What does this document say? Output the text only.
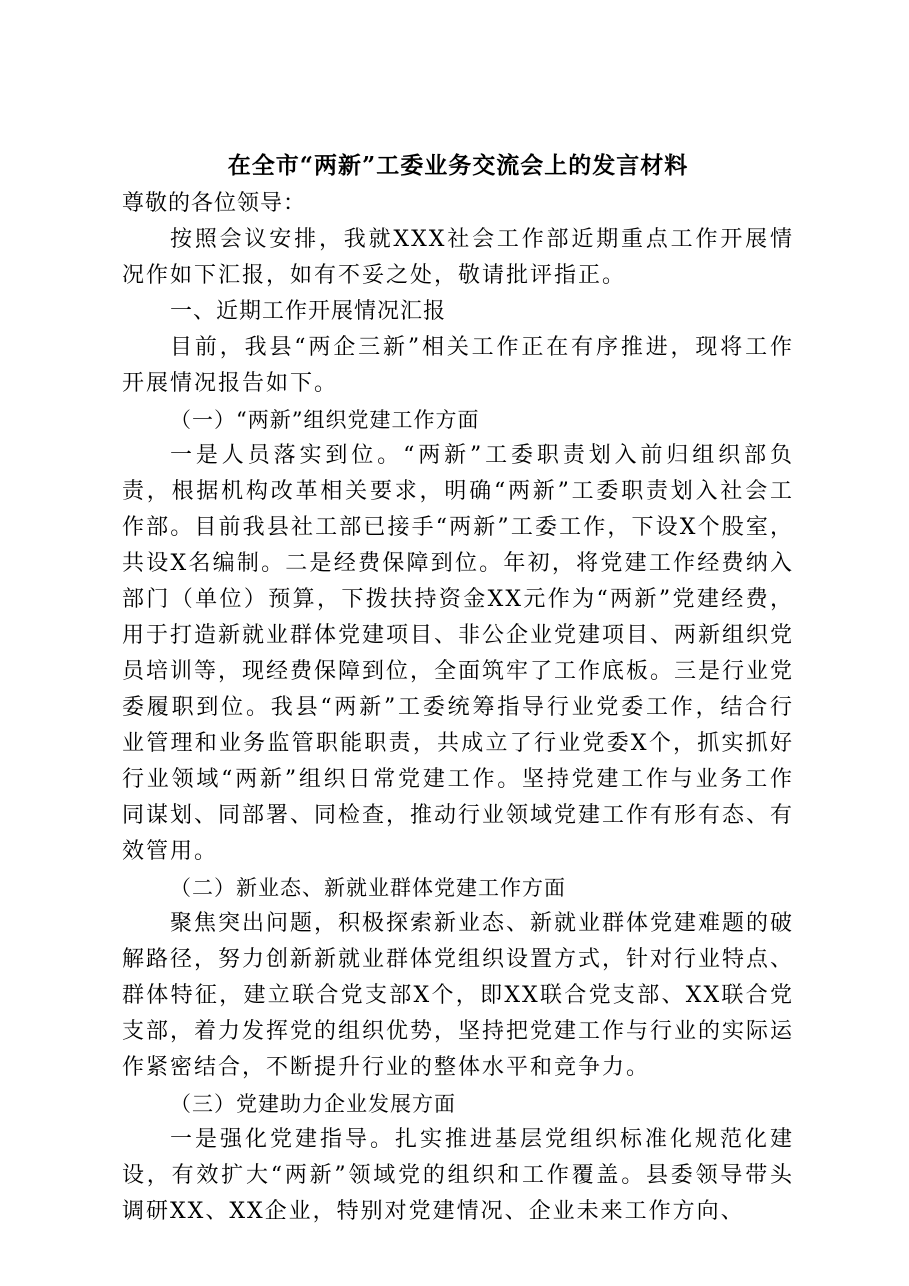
在全市“两新”工委业务交流会上的发言材料

尊敬的各位领导：

按照会议安排，我就XXX社会工作部近期重点工作开展情况作如下汇报，如有不妥之处，敬请批评指正。

一、近期工作开展情况汇报

目前，我县“两企三新”相关工作正在有序推进，现将工作开展情况报告如下。

（一）“两新”组织党建工作方面

一是人员落实到位。“两新”工委职责划入前归组织部负责，根据机构改革相关要求，明确“两新”工委职责划入社会工作部。目前我县社工部已接手“两新”工委工作，下设X个股室，共设X名编制。二是经费保障到位。年初，将党建工作经费纳入部门（单位）预算，下拨扶持资金XX元作为“两新”党建经费，用于打造新就业群体党建项目、非公企业党建项目、两新组织党员培训等，现经费保障到位，全面筑牢了工作底板。三是行业党委履职到位。我县“两新”工委统筹指导行业党委工作，结合行业管理和业务监管职能职责，共成立了行业党委X个，抓实抓好行业领域“两新”组织日常党建工作。坚持党建工作与业务工作同谋划、同部署、同检查，推动行业领域党建工作有形有态、有效管用。

（二）新业态、新就业群体党建工作方面

聚焦突出问题，积极探索新业态、新就业群体党建难题的破解路径，努力创新新就业群体党组织设置方式，针对行业特点、群体特征，建立联合党支部X个，即XX联合党支部、XX联合党支部，着力发挥党的组织优势，坚持把党建工作与行业的实际运作紧密结合，不断提升行业的整体水平和竞争力。

（三）党建助力企业发展方面

一是强化党建指导。扎实推进基层党组织标准化规范化建设，有效扩大“两新”领域党的组织和工作覆盖。县委领导带头调研XX、XX企业，特别对党建情况、企业未来工作方向、
